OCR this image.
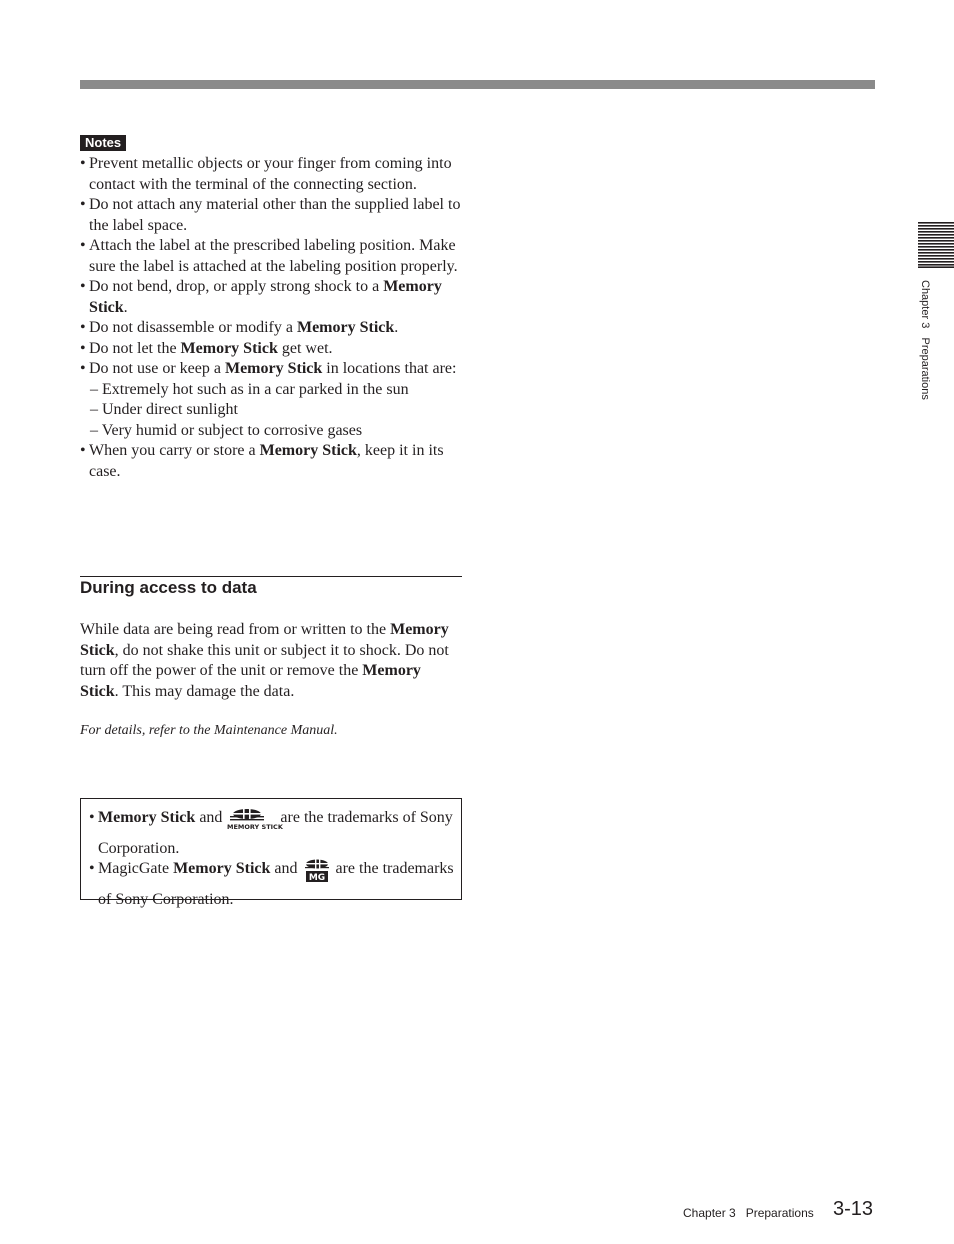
Notes
• Prevent metallic objects or your finger from coming into contact with the terminal of the connecting section.
• Do not attach any material other than the supplied label to the label space.
• Attach the label at the prescribed labeling position. Make sure the label is attached at the labeling position properly.
• Do not bend, drop, or apply strong shock to a Memory Stick.
• Do not disassemble or modify a Memory Stick.
• Do not let the Memory Stick get wet.
• Do not use or keep a Memory Stick in locations that are:
– Extremely hot such as in a car parked in the sun
– Under direct sunlight
– Very humid or subject to corrosive gases
• When you carry or store a Memory Stick, keep it in its case.
During access to data

While data are being read from or written to the Memory Stick, do not shake this unit or subject it to shock. Do not turn off the power of the unit or remove the Memory Stick. This may damage the data.

For details, refer to the Maintenance Manual.

• Memory Stick and
MEMORY STICK
are the trademarks of Sony Corporation.
• MagicGate Memory Stick and
MG
are the trademarks of Sony Corporation.
Chapter 3   Preparations
Chapter 3 Preparations 3-13
